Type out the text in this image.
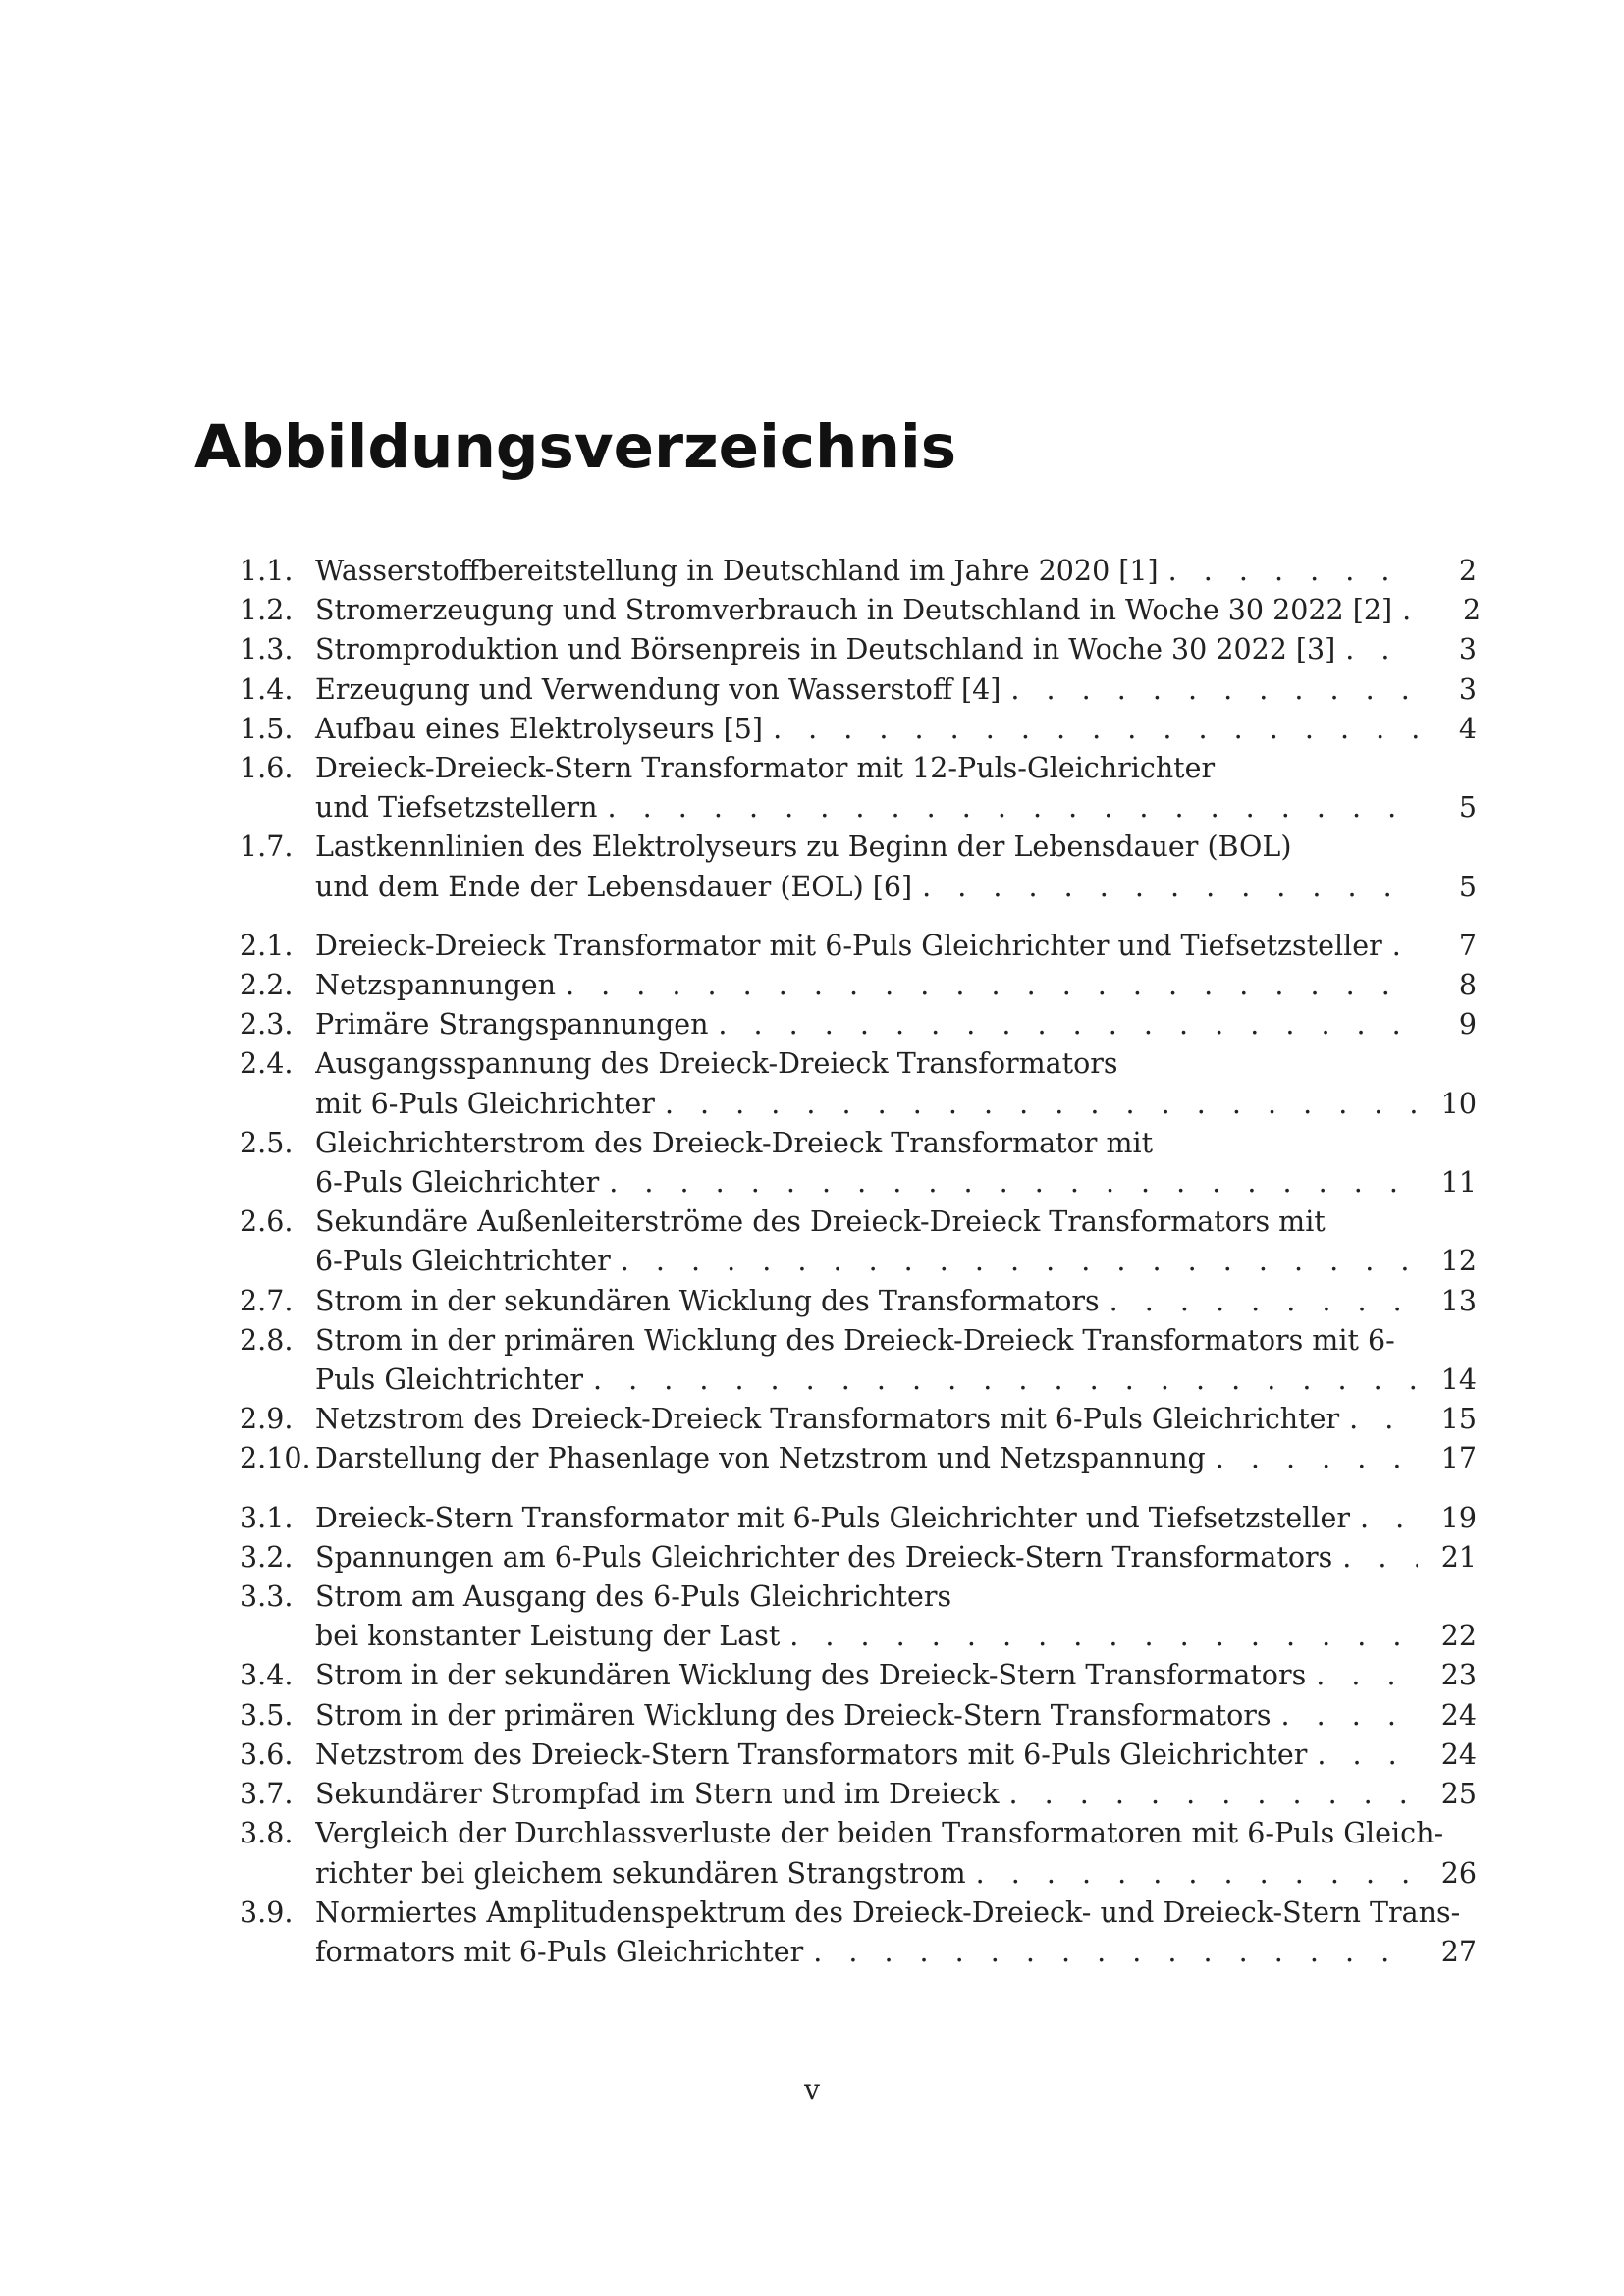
Abbildungsverzeichnis
1.1. Wasserstoffbereitstellung in Deutschland im Jahre 2020 [1] . . .	2
1.2. Stromerzeugung und Stromverbrauch in Deutschland in Woche 30 2022 [2] . . .	2
1.3. Stromproduktion und Börsenpreis in Deutschland in Woche 30 2022 [3] . . .	3
1.4. Erzeugung und Verwendung von Wasserstoff [4] . . .	3
1.5. Aufbau eines Elektrolyseurs [5] . . .	4
1.6. Dreieck-Dreieck-Stern Transformator mit 12-Puls-Gleichrichter
und Tiefsetzstellern . . .	5
1.7. Lastkennlinien des Elektrolyseurs zu Beginn der Lebensdauer (BOL)
und dem Ende der Lebensdauer (EOL) [6] . . .	5
2.1. Dreieck-Dreieck Transformator mit 6-Puls Gleichrichter und Tiefsetzsteller . . .	7
2.2. Netzspannungen . . .	8
2.3. Primäre Strangspannungen . . .	9
2.4. Ausgangsspannung des Dreieck-Dreieck Transformators
mit 6-Puls Gleichrichter . . .	10
2.5. Gleichrichterstrom des Dreieck-Dreieck Transformator mit
6-Puls Gleichrichter . . .	11
2.6. Sekundäre Außenleiterströme des Dreieck-Dreieck Transformators mit
6-Puls Gleichtrichter . . .	12
2.7. Strom in der sekundären Wicklung des Transformators . . .	13
2.8. Strom in der primären Wicklung des Dreieck-Dreieck Transformators mit 6-
Puls Gleichtrichter . . .	14
2.9. Netzstrom des Dreieck-Dreieck Transformators mit 6-Puls Gleichrichter . . .	15
2.10. Darstellung der Phasenlage von Netzstrom und Netzspannung . . .	17
3.1. Dreieck-Stern Transformator mit 6-Puls Gleichrichter und Tiefsetzsteller . . .	19
3.2. Spannungen am 6-Puls Gleichrichter des Dreieck-Stern Transformators . . .	21
3.3. Strom am Ausgang des 6-Puls Gleichrichters
bei konstanter Leistung der Last . . .	22
3.4. Strom in der sekundären Wicklung des Dreieck-Stern Transformators . . .	23
3.5. Strom in der primären Wicklung des Dreieck-Stern Transformators . . .	24
3.6. Netzstrom des Dreieck-Stern Transformators mit 6-Puls Gleichrichter . . .	24
3.7. Sekundärer Strompfad im Stern und im Dreieck . . .	25
3.8. Vergleich der Durchlassverluste der beiden Transformatoren mit 6-Puls Gleich-
richter bei gleichem sekundären Strangstrom . . .	26
3.9. Normiertes Amplitudenspektrum des Dreieck-Dreieck- und Dreieck-Stern Trans-
formators mit 6-Puls Gleichrichter . . .	27
v
